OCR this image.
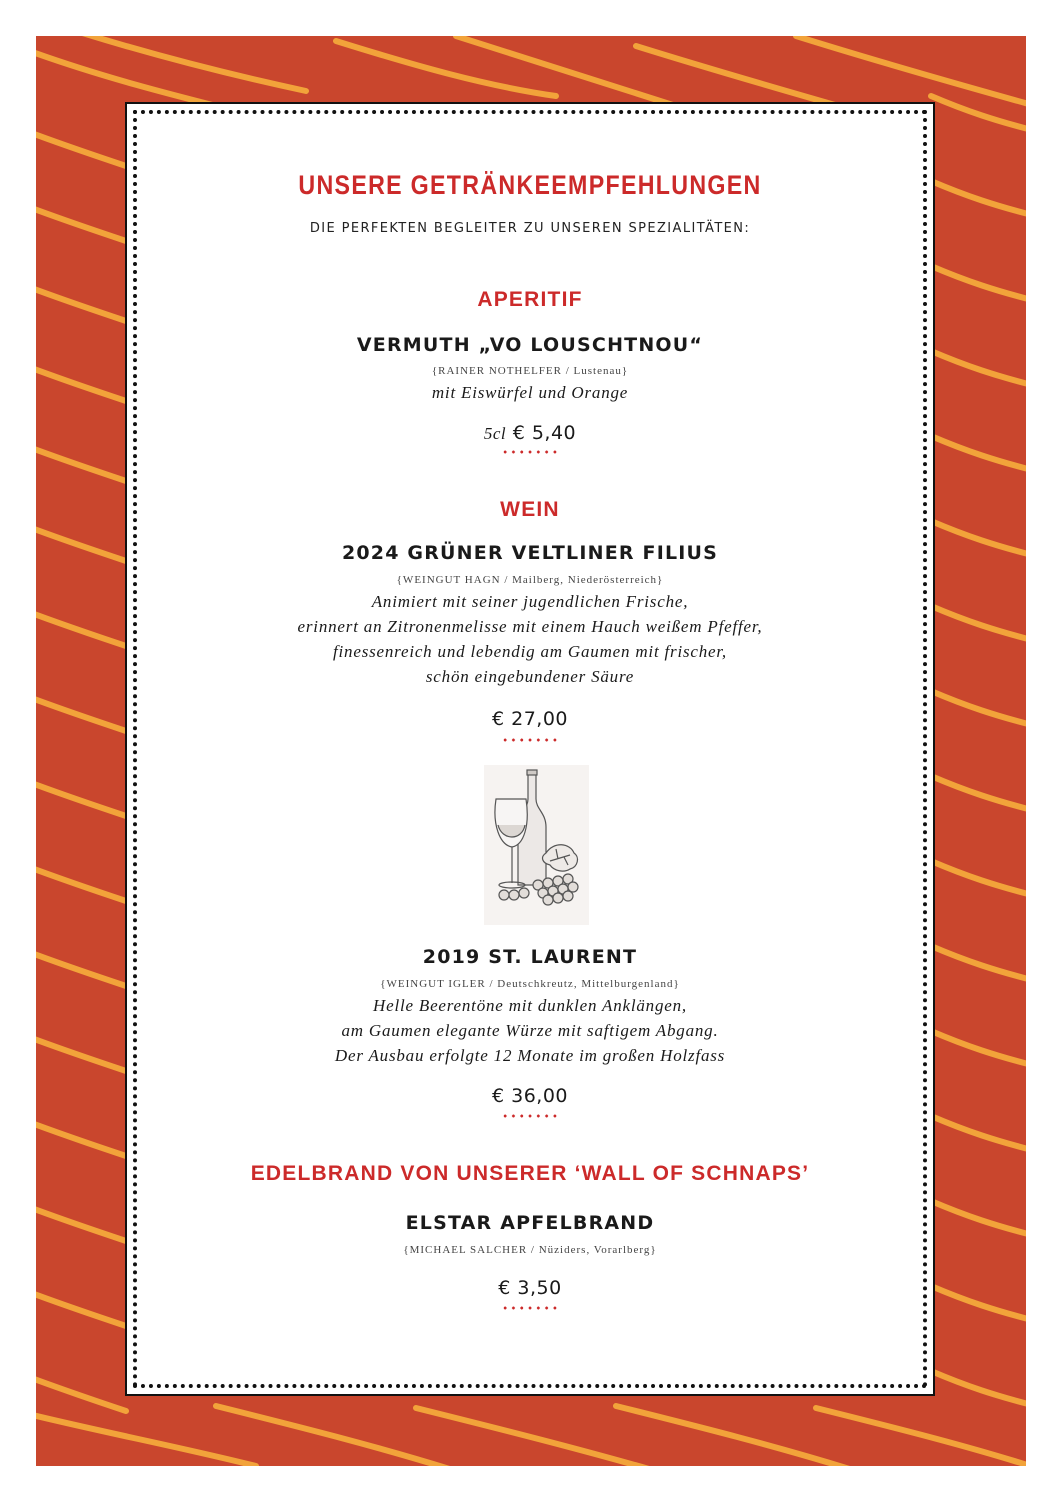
UNSERE GETRÄNKEEMPFEHLUNGEN
DIE PERFEKTEN BEGLEITER ZU UNSEREN SPEZIALITÄTEN:
APERITIF
VERMUTH „VO LOUSCHTNOU“
{RAINER NOTHELFER / Lustenau}
mit Eiswürfel und Orange
5cl € 5,40
WEIN
2024 GRÜNER VELTLINER FILIUS
{WEINGUT HAGN / Mailberg, Niederösterreich}
Animiert mit seiner jugendlichen Frische,
erinnert an Zitronenmelisse mit einem Hauch weißem Pfeffer,
finessenreich und lebendig am Gaumen mit frischer,
schön eingebundener Säure
€ 27,00
2019 ST. LAURENT
{WEINGUT IGLER / Deutschkreutz, Mittelburgenland}
Helle Beerentöne mit dunklen Anklängen,
am Gaumen elegante Würze mit saftigem Abgang.
Der Ausbau erfolgte 12 Monate im großen Holzfass
€ 36,00
EDELBRAND VON UNSERER ‘WALL OF SCHNAPS’
ELSTAR APFELBRAND
{MICHAEL SALCHER / Nüziders, Vorarlberg}
€ 3,50
